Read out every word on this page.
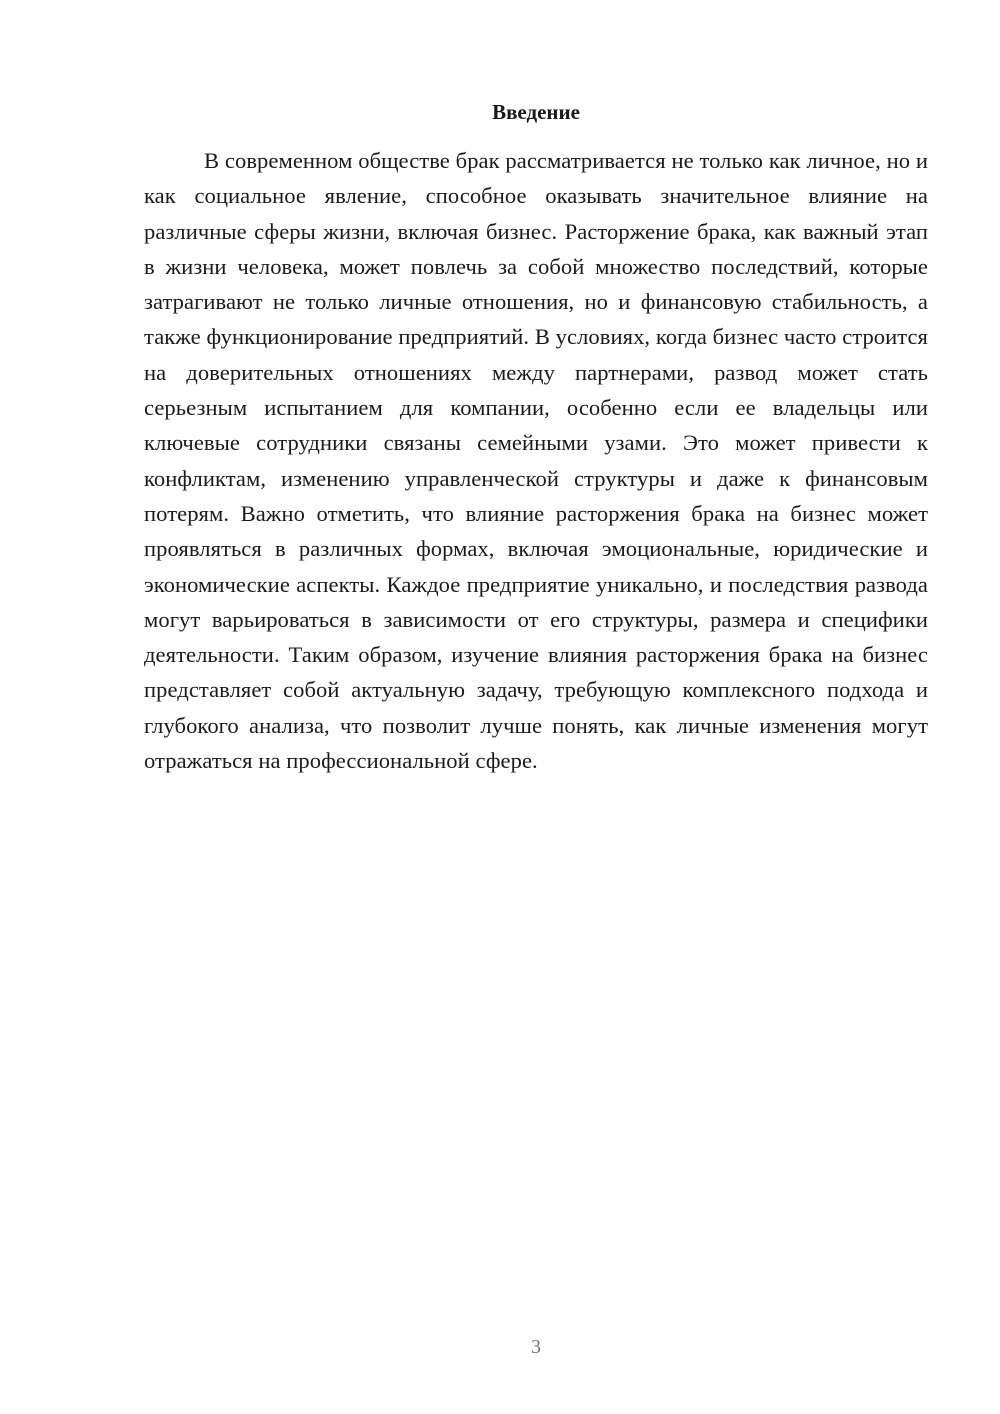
Введение

В современном обществе брак рассматривается не только как личное, но и как социальное явление, способное оказывать значительное влияние на различные сферы жизни, включая бизнес. Расторжение брака, как важный этап в жизни человека, может повлечь за собой множество последствий, которые затрагивают не только личные отношения, но и финансовую стабильность, а также функционирование предприятий. В условиях, когда бизнес часто строится на доверительных отношениях между партнерами, развод может стать серьезным испытанием для компании, особенно если ее владельцы или ключевые сотрудники связаны семейными узами. Это может привести к конфликтам, изменению управленческой структуры и даже к финансовым потерям. Важно отметить, что влияние расторжения брака на бизнес может проявляться в различных формах, включая эмоциональные, юридические и экономические аспекты. Каждое предприятие уникально, и последствия развода могут варьироваться в зависимости от его структуры, размера и специфики деятельности. Таким образом, изучение влияния расторжения брака на бизнес представляет собой актуальную задачу, требующую комплексного подхода и глубокого анализа, что позволит лучше понять, как личные изменения могут отражаться на профессиональной сфере.

3
